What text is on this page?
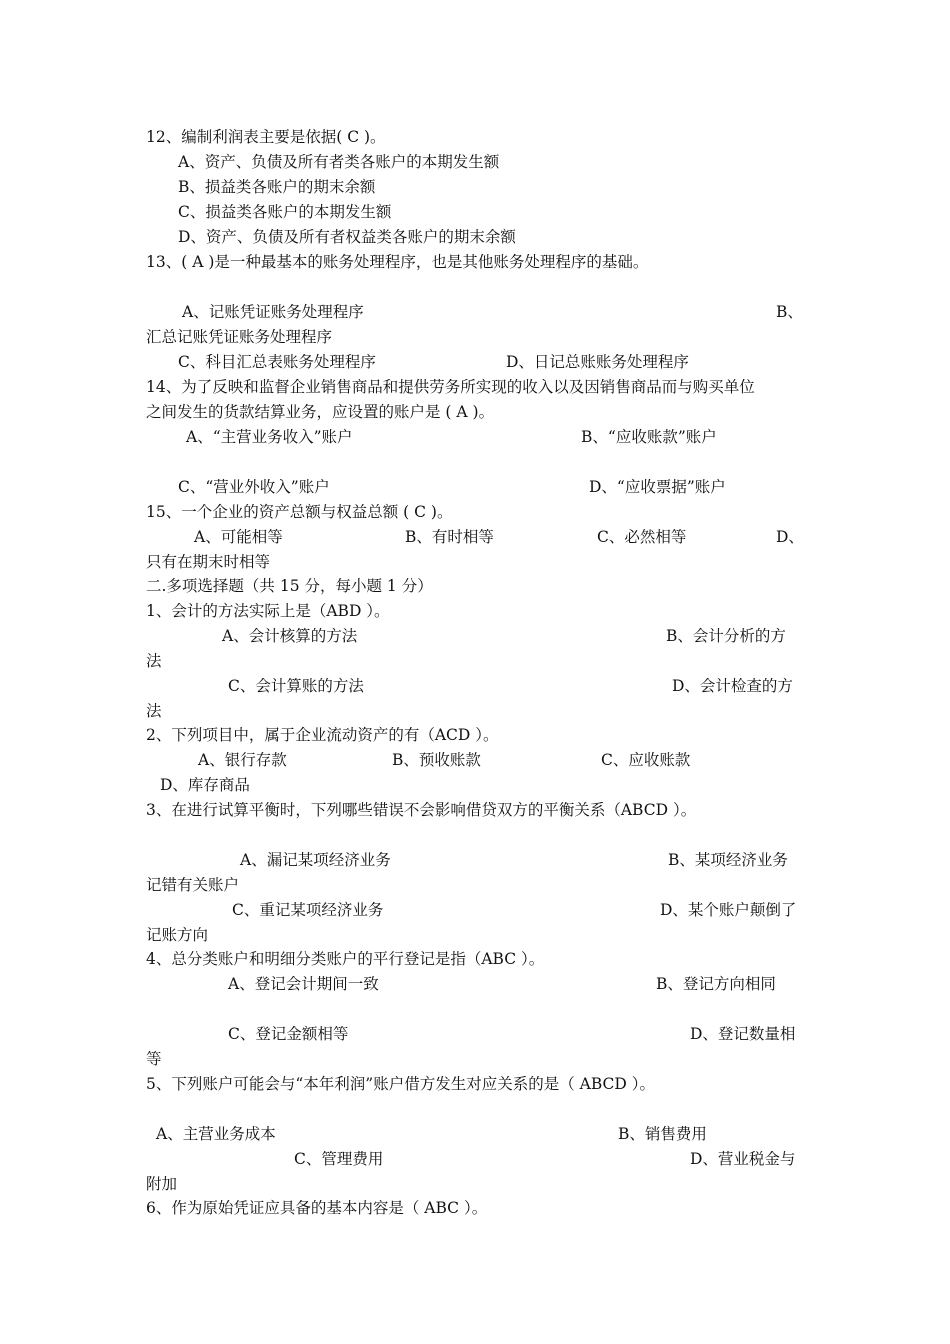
12、编制利润表主要是依据( C )。
A、资产、负债及所有者类各账户的本期发生额
B、损益类各账户的期末余额
C、损益类各账户的本期发生额
D、资产、负债及所有者权益类各账户的期末余额
13、( A )是一种最基本的账务处理程序，也是其他账务处理程序的基础。
A、记账凭证账务处理程序	B、
汇总记账凭证账务处理程序
C、科目汇总表账务处理程序	D、日记总账账务处理程序
14、为了反映和监督企业销售商品和提供劳务所实现的收入以及因销售商品而与购买单位
之间发生的货款结算业务，应设置的账户是 ( A )。
A、“主营业务收入”账户	B、“应收账款”账户
C、“营业外收入”账户	D、“应收票据”账户
15、一个企业的资产总额与权益总额 ( C )。
A、可能相等	B、有时相等	C、必然相等	D、
只有在期末时相等
二.多项选择题（共 15 分，每小题 1 分）
1、会计的方法实际上是（ABD ）。
A、会计核算的方法	B、会计分析的方
法
C、会计算账的方法	D、会计检查的方
法
2、下列项目中，属于企业流动资产的有（ACD ）。
A、银行存款	B、预收账款	C、应收账款
D、库存商品
3、在进行试算平衡时，下列哪些错误不会影响借贷双方的平衡关系（ABCD ）。
A、漏记某项经济业务	B、某项经济业务
记错有关账户
C、重记某项经济业务	D、某个账户颠倒了
记账方向
4、总分类账户和明细分类账户的平行登记是指（ABC ）。
A、登记会计期间一致	B、登记方向相同
C、登记金额相等	D、登记数量相
等
5、下列账户可能会与“本年利润”账户借方发生对应关系的是（ ABCD ）。
A、主营业务成本	B、销售费用
C、管理费用	D、营业税金与
附加
6、作为原始凭证应具备的基本内容是（ ABC ）。
